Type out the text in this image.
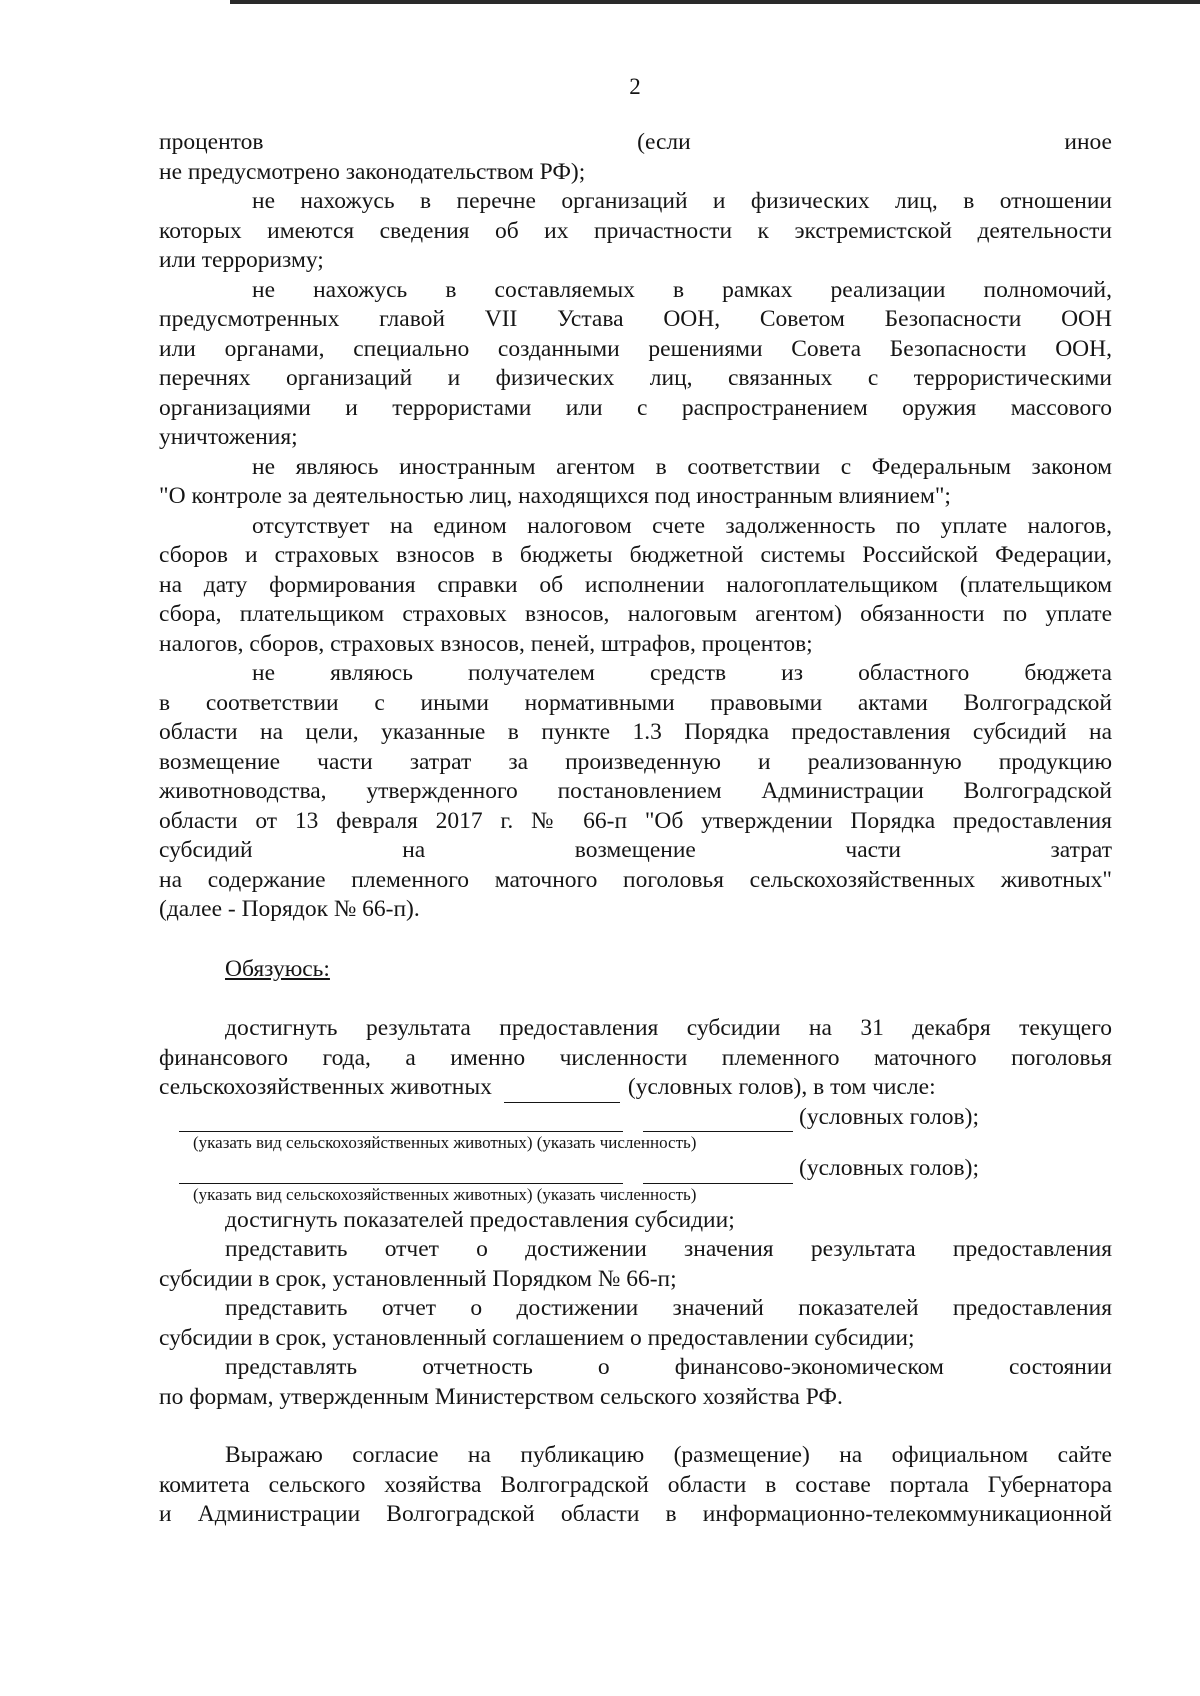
2

процентов (если иное

не предусмотрено законодательством РФ);

не нахожусь в перечне организаций и физических лиц, в отношении

которых имеются сведения об их причастности к экстремистской деятельности

или терроризму;

не нахожусь в составляемых в рамках реализации полномочий,

предусмотренных главой VII Устава ООН, Советом Безопасности ООН

или органами, специально созданными решениями Совета Безопасности ООН,

перечнях организаций и физических лиц, связанных с террористическими

организациями и террористами или с распространением оружия массового

уничтожения;

не являюсь иностранным агентом в соответствии с Федеральным законом

"О контроле за деятельностью лиц, находящихся под иностранным влиянием";

отсутствует на едином налоговом счете задолженность по уплате налогов,

сборов и страховых взносов в бюджеты бюджетной системы Российской Федерации,

на дату формирования справки об исполнении налогоплательщиком (плательщиком

сбора, плательщиком страховых взносов, налоговым агентом) обязанности по уплате

налогов, сборов, страховых взносов, пеней, штрафов, процентов;

не являюсь получателем средств из областного бюджета

в соответствии с иными нормативными правовыми актами Волгоградской

области на цели, указанные в пункте 1.3 Порядка предоставления субсидий на

возмещение части затрат за произведенную и реализованную продукцию

животноводства, утвержденного постановлением Администрации Волгоградской

области от 13 февраля 2017 г. № 66-п "Об утверждении Порядка предоставления

субсидий на возмещение части затрат

на содержание племенного маточного поголовья сельскохозяйственных животных"

(далее - Порядок № 66-п).

Обязуюсь:

достигнуть результата предоставления субсидии на 31 декабря текущего

финансового года, а именно численности племенного маточного поголовья

сельскохозяйственных животных	(условных голов), в том числе:
(условных голов);

(указать вид сельскохозяйственных животных) (указать численность)

(условных голов);

(указать вид сельскохозяйственных животных) (указать численность)

достигнуть показателей предоставления субсидии;

представить отчет о достижении значения результата предоставления

субсидии в срок, установленный Порядком № 66-п;

представить отчет о достижении значений показателей предоставления

субсидии в срок, установленный соглашением о предоставлении субсидии;

представлять отчетность о финансово-экономическом состоянии

по формам, утвержденным Министерством сельского хозяйства РФ.

Выражаю согласие на публикацию (размещение) на официальном сайте

комитета сельского хозяйства Волгоградской области в составе портала Губернатора

и Администрации Волгоградской области в информационно-телекоммуникационной
